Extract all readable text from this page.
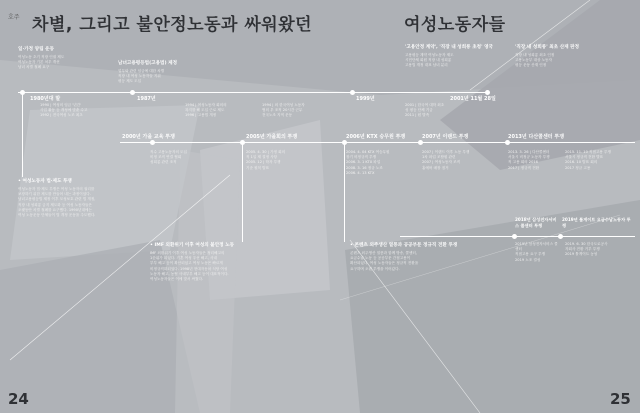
호주 차별, 그리고 불안정노동과 싸워왔던	여성노동자들
1980년대 말	1987년	1999년	2001년 11월 28일
2000년 가을 교육 투쟁	2005년 가을회의 투쟁	2006년 KTX 승무원 투쟁	2007년 이랜드 투쟁	2013년 다산콜센터 투쟁
2018년 삼성전자서비스 콜센터 투쟁
2019년 톨게이트 요금수납노동자 투쟁
일·가정 양립 운동
남녀고용평등법(고용법) 제정
'고용안정 계약', '직장 내 성희롱 초청' 영국	'직장 내 성희롱' 최초 산재 판정
• 여성노동자 법·제도 투쟁
• IMF 외환위기 이후 여성의 불안정 노동	• 콘텐츠 외주생산 열풍과 공공부문 정규직 전환 투쟁
여성노동 초기 직장 인권 제도
여성노동자 기본 처우 개선
남녀 차별 철폐 요구
1990 | 여성의 임금 '년간'
사업 활동 등 개정에 맞춘 수고
1992 | 전국여성 노조 최초
업무와 관련 임금에 대한 차별
직장 내 여성 노동자들 지위
평등 제도 도입
1994 | 여성노동자 회의의
복지를 해 도입 근로 제도
1996 | 고용법 개정
1994 | 외 한국여성 노동자
협의 우 조직 20시간 근무
전국노조 지역 운동
고용평등 계약 여성노동자 제도
시민단체 회원 직장 내 성희롱
고용법 개정 대표 남녀 분리
2001 | 한국여 대학 최초
성 평등 단체 기금
2011 | 원 발족
직장 내 성희롱 최초 인정
고용노동부 대상 노동자
평등 운동 산재 인정
직수 고용노동자의 도입
비정 조직 연결 협회
성희롱 관련 조직
2005. 4. 30 | 가정 회의
직 1일 제 결정 사항
2005. 12 | 학자 투쟁
기준 원칙 발표
2004. 4. 04 KTX 여승무원
장기 비정규직 투쟁
2006. 3. 1 KTX 파업
2008. 3. 16 정규 노조
2006. 4. 13 KTX
2007 | 이랜드 이후 노동 투쟁
1차 파업 조합원 관련
2007 | 여성노동자 조직
홈에버 매장 점거
2013. 3. 26 | 다산콜센터
서울시 비정규 노동자 투쟁
직 고용 회의 2016
2017 | 정규직 전환
2015. 11. 10 직접고용 투쟁
서울시 정규직 전환 발표
2016. 10 발표 회의
2017 정규 고용
여성노동자 법·제도 투쟁은 여성 노동자의 권리를
보장하기 위한 제도를 만들어 내는 과정이었다.
남녀고용평등법 제정 이후 모성보호 관련 법 개정,
직장 내 성희롱 금지 제도화 등 여성 노동자들은
오랫동안 차별 철폐를 요구했다. 1990년대에는
여성 노동운동 단체들이 법 개정 운동을 주도했다.
IMF 외환위기 이후 여성 노동자들은 정리해고의
1순위가 되었다. 기혼 여성 우선 해고, 사내
부부 해고 등이 확산되었고 여성 노동은 빠르게
비정규직화되었다. 1998년 현대자동차 식당 여성
노동자 해고, 농협 사내부부 해고 등이 대표적이다.
여성노동자들은 이에 맞서 싸웠다.
2019년 삼성전자서비스 콜센터
직접고용 요구 투쟁
2019 노조 결성
2019. 6. 30 한국도로공사
자회사 전환 거부 투쟁
2019 톨게이트 농성
콘텐츠 외주생산 열풍과 함께 방송, 콜센터,
요금수납 노동 등 공공부문 간접고용이
확산되었다. 여성 노동자들은 정규직 전환을
요구하며 오랜 투쟁을 이어갔다.
24	25
